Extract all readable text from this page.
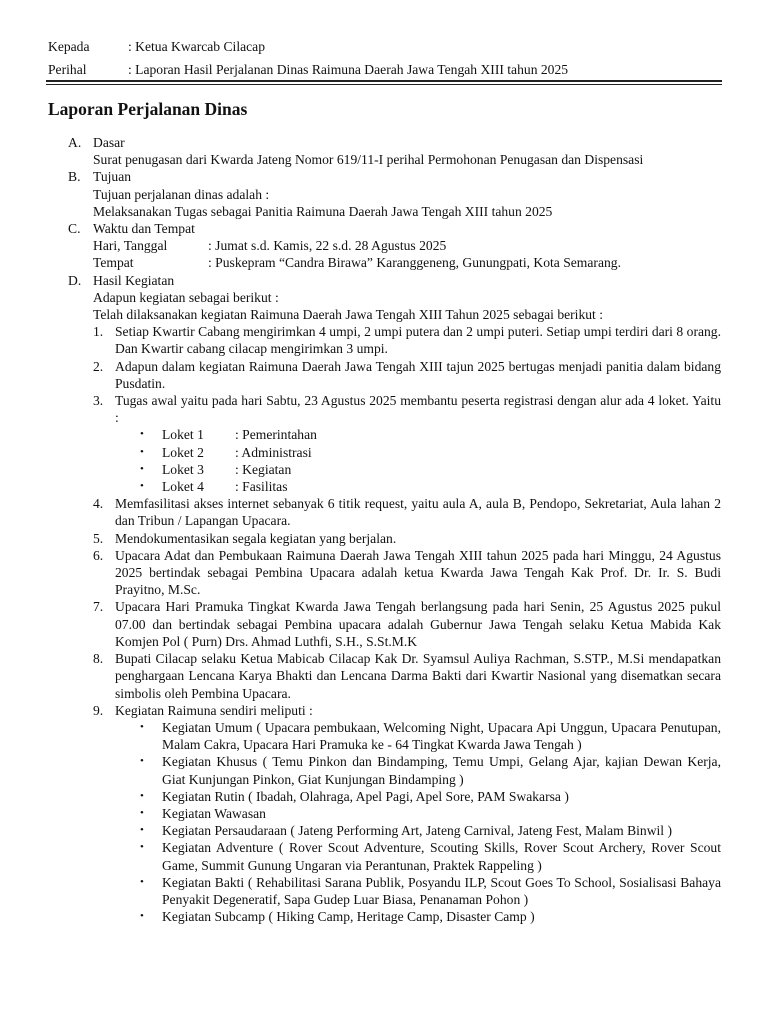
Kepada	: Ketua Kwarcab Cilacap
Perihal	: Laporan Hasil Perjalanan Dinas Raimuna Daerah Jawa Tengah XIII tahun 2025
Laporan Perjalanan Dinas
A. Dasar
Surat penugasan dari Kwarda Jateng Nomor 619/11-I perihal Permohonan Penugasan dan Dispensasi
B. Tujuan
Tujuan perjalanan dinas adalah :
Melaksanakan Tugas sebagai Panitia Raimuna Daerah Jawa Tengah XIII tahun 2025
C. Waktu dan Tempat
Hari, Tanggal	: Jumat s.d. Kamis, 22 s.d. 28 Agustus 2025
Tempat	: Puskepram “Candra Birawa” Karanggeneng, Gunungpati, Kota Semarang.
D. Hasil Kegiatan
Adapun kegiatan sebagai berikut :
Telah dilaksanakan kegiatan Raimuna Daerah Jawa Tengah XIII Tahun 2025 sebagai berikut :
1. Setiap Kwartir Cabang mengirimkan 4 umpi, 2 umpi putera dan 2 umpi puteri. Setiap umpi terdiri dari 8 orang. Dan Kwartir cabang cilacap mengirimkan 3 umpi.
2. Adapun dalam kegiatan Raimuna Daerah Jawa Tengah XIII tajun 2025 bertugas menjadi panitia dalam bidang Pusdatin.
3. Tugas awal yaitu pada hari Sabtu, 23 Agustus 2025 membantu peserta registrasi dengan alur ada 4 loket. Yaitu :
•	Loket 1	: Pemerintahan
•	Loket 2	: Administrasi
•	Loket 3	: Kegiatan
•	Loket 4	: Fasilitas
4. Memfasilitasi akses internet sebanyak 6 titik request, yaitu aula A, aula B, Pendopo, Sekretariat, Aula lahan 2 dan Tribun / Lapangan Upacara.
5. Mendokumentasikan segala kegiatan yang berjalan.
6. Upacara Adat dan Pembukaan Raimuna Daerah Jawa Tengah XIII tahun 2025 pada hari Minggu, 24 Agustus 2025 bertindak sebagai Pembina Upacara adalah ketua Kwarda Jawa Tengah Kak Prof. Dr. Ir. S. Budi Prayitno, M.Sc.
7. Upacara Hari Pramuka Tingkat Kwarda Jawa Tengah berlangsung pada hari Senin, 25 Agustus 2025 pukul 07.00 dan bertindak sebagai Pembina upacara adalah Gubernur Jawa Tengah selaku Ketua Mabida Kak Komjen Pol ( Purn) Drs. Ahmad Luthfi, S.H., S.St.M.K
8. Bupati Cilacap selaku Ketua Mabicab Cilacap Kak Dr. Syamsul Auliya Rachman, S.STP., M.Si mendapatkan penghargaan Lencana Karya Bhakti dan Lencana Darma Bakti dari Kwartir Nasional yang disematkan secara simbolis oleh Pembina Upacara.
9. Kegiatan Raimuna sendiri meliputi :
•	Kegiatan Umum ( Upacara pembukaan, Welcoming Night, Upacara Api Unggun, Upacara Penutupan, Malam Cakra, Upacara Hari Pramuka ke - 64 Tingkat Kwarda Jawa Tengah )
•	Kegiatan Khusus ( Temu Pinkon dan Bindamping, Temu Umpi, Gelang Ajar, kajian Dewan Kerja, Giat Kunjungan Pinkon, Giat Kunjungan Bindamping )
•	Kegiatan Rutin ( Ibadah, Olahraga, Apel Pagi, Apel Sore, PAM Swakarsa )
•	Kegiatan Wawasan
•	Kegiatan Persaudaraan ( Jateng Performing Art, Jateng Carnival, Jateng Fest, Malam Binwil )
•	Kegiatan Adventure ( Rover Scout Adventure, Scouting Skills, Rover Scout Archery, Rover Scout Game, Summit Gunung Ungaran via Perantunan, Praktek Rappeling )
•	Kegiatan Bakti ( Rehabilitasi Sarana Publik, Posyandu ILP, Scout Goes To School, Sosialisasi Bahaya Penyakit Degeneratif, Sapa Gudep Luar Biasa, Penanaman Pohon )
•	Kegiatan Subcamp ( Hiking Camp, Heritage Camp, Disaster Camp )
